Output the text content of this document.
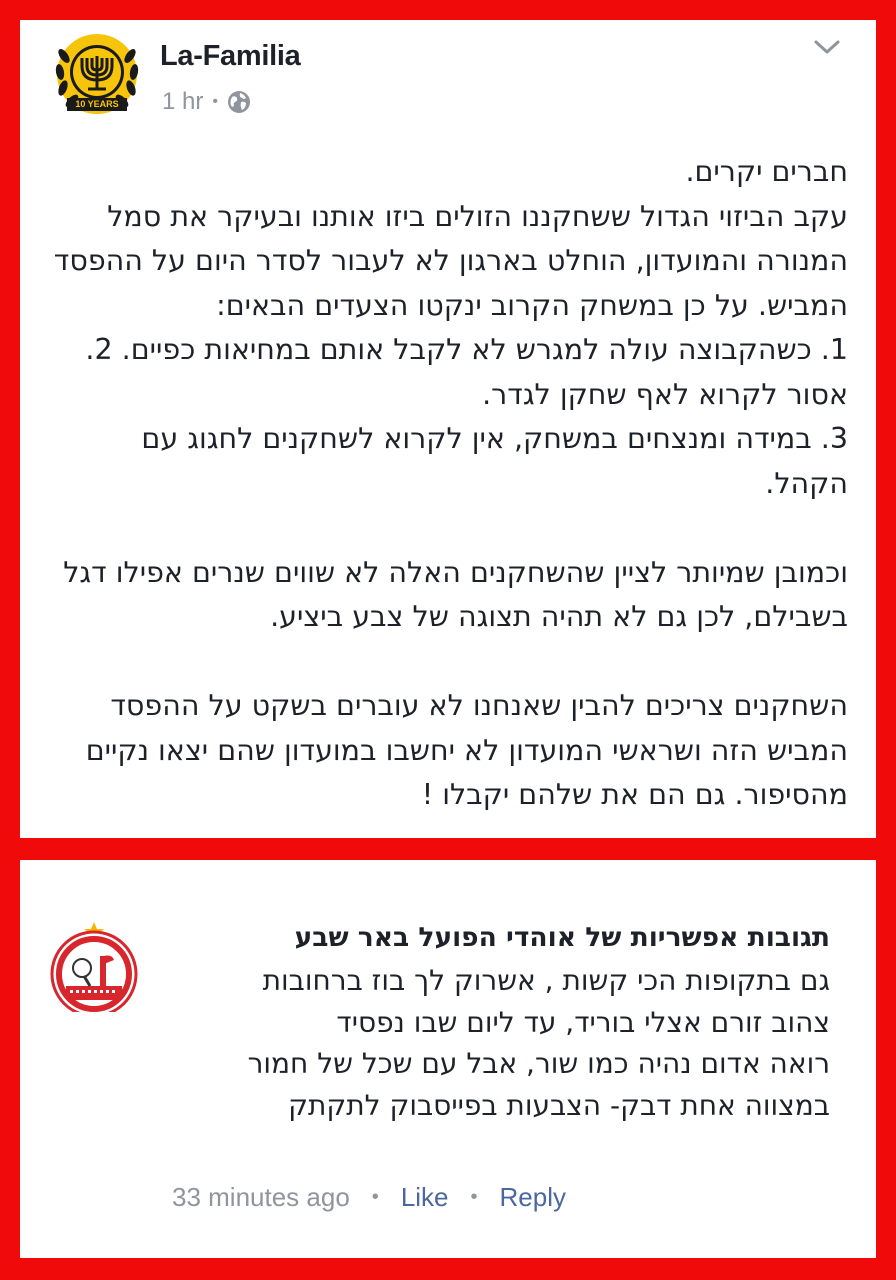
10 YEARS
La-Familia
1 hr •

חברים יקרים.

עקב הביזוי הגדול ששחקננו הזולים ביזו אותנו ובעיקר את סמל המנורה והמועדון, הוחלט בארגון לא לעבור לסדר היום על ההפסד המביש. על כן במשחק הקרוב ינקטו הצעדים הבאים:

1. כשהקבוצה עולה למגרש לא לקבל אותם במחיאות כפיים. 2. אסור לקרוא לאף שחקן לגדר.

3. במידה ומנצחים במשחק, אין לקרוא לשחקנים לחגוג עם הקהל.

וכמובן שמיותר לציין שהשחקנים האלה לא שווים שנרים אפילו דגל בשבילם, לכן גם לא תהיה תצוגה של צבע ביציע.

השחקנים צריכים להבין שאנחנו לא עוברים בשקט על ההפסד המביש הזה ושראשי המועדון לא יחשבו במועדון שהם יצאו נקיים מהסיפור. גם הם את שלהם יקבלו !

תגובות אפשריות של אוהדי הפועל באר שבע

גם בתקופות הכי קשות , אשרוק לך בוז ברחובות

צהוב זורם אצלי בוריד, עד ליום שבו נפסיד

רואה אדום נהיה כמו שור, אבל עם שכל של חמור

במצווה אחת דבק- הצבעות בפייסבוק לתקתק

33 minutes ago • Like • Reply
